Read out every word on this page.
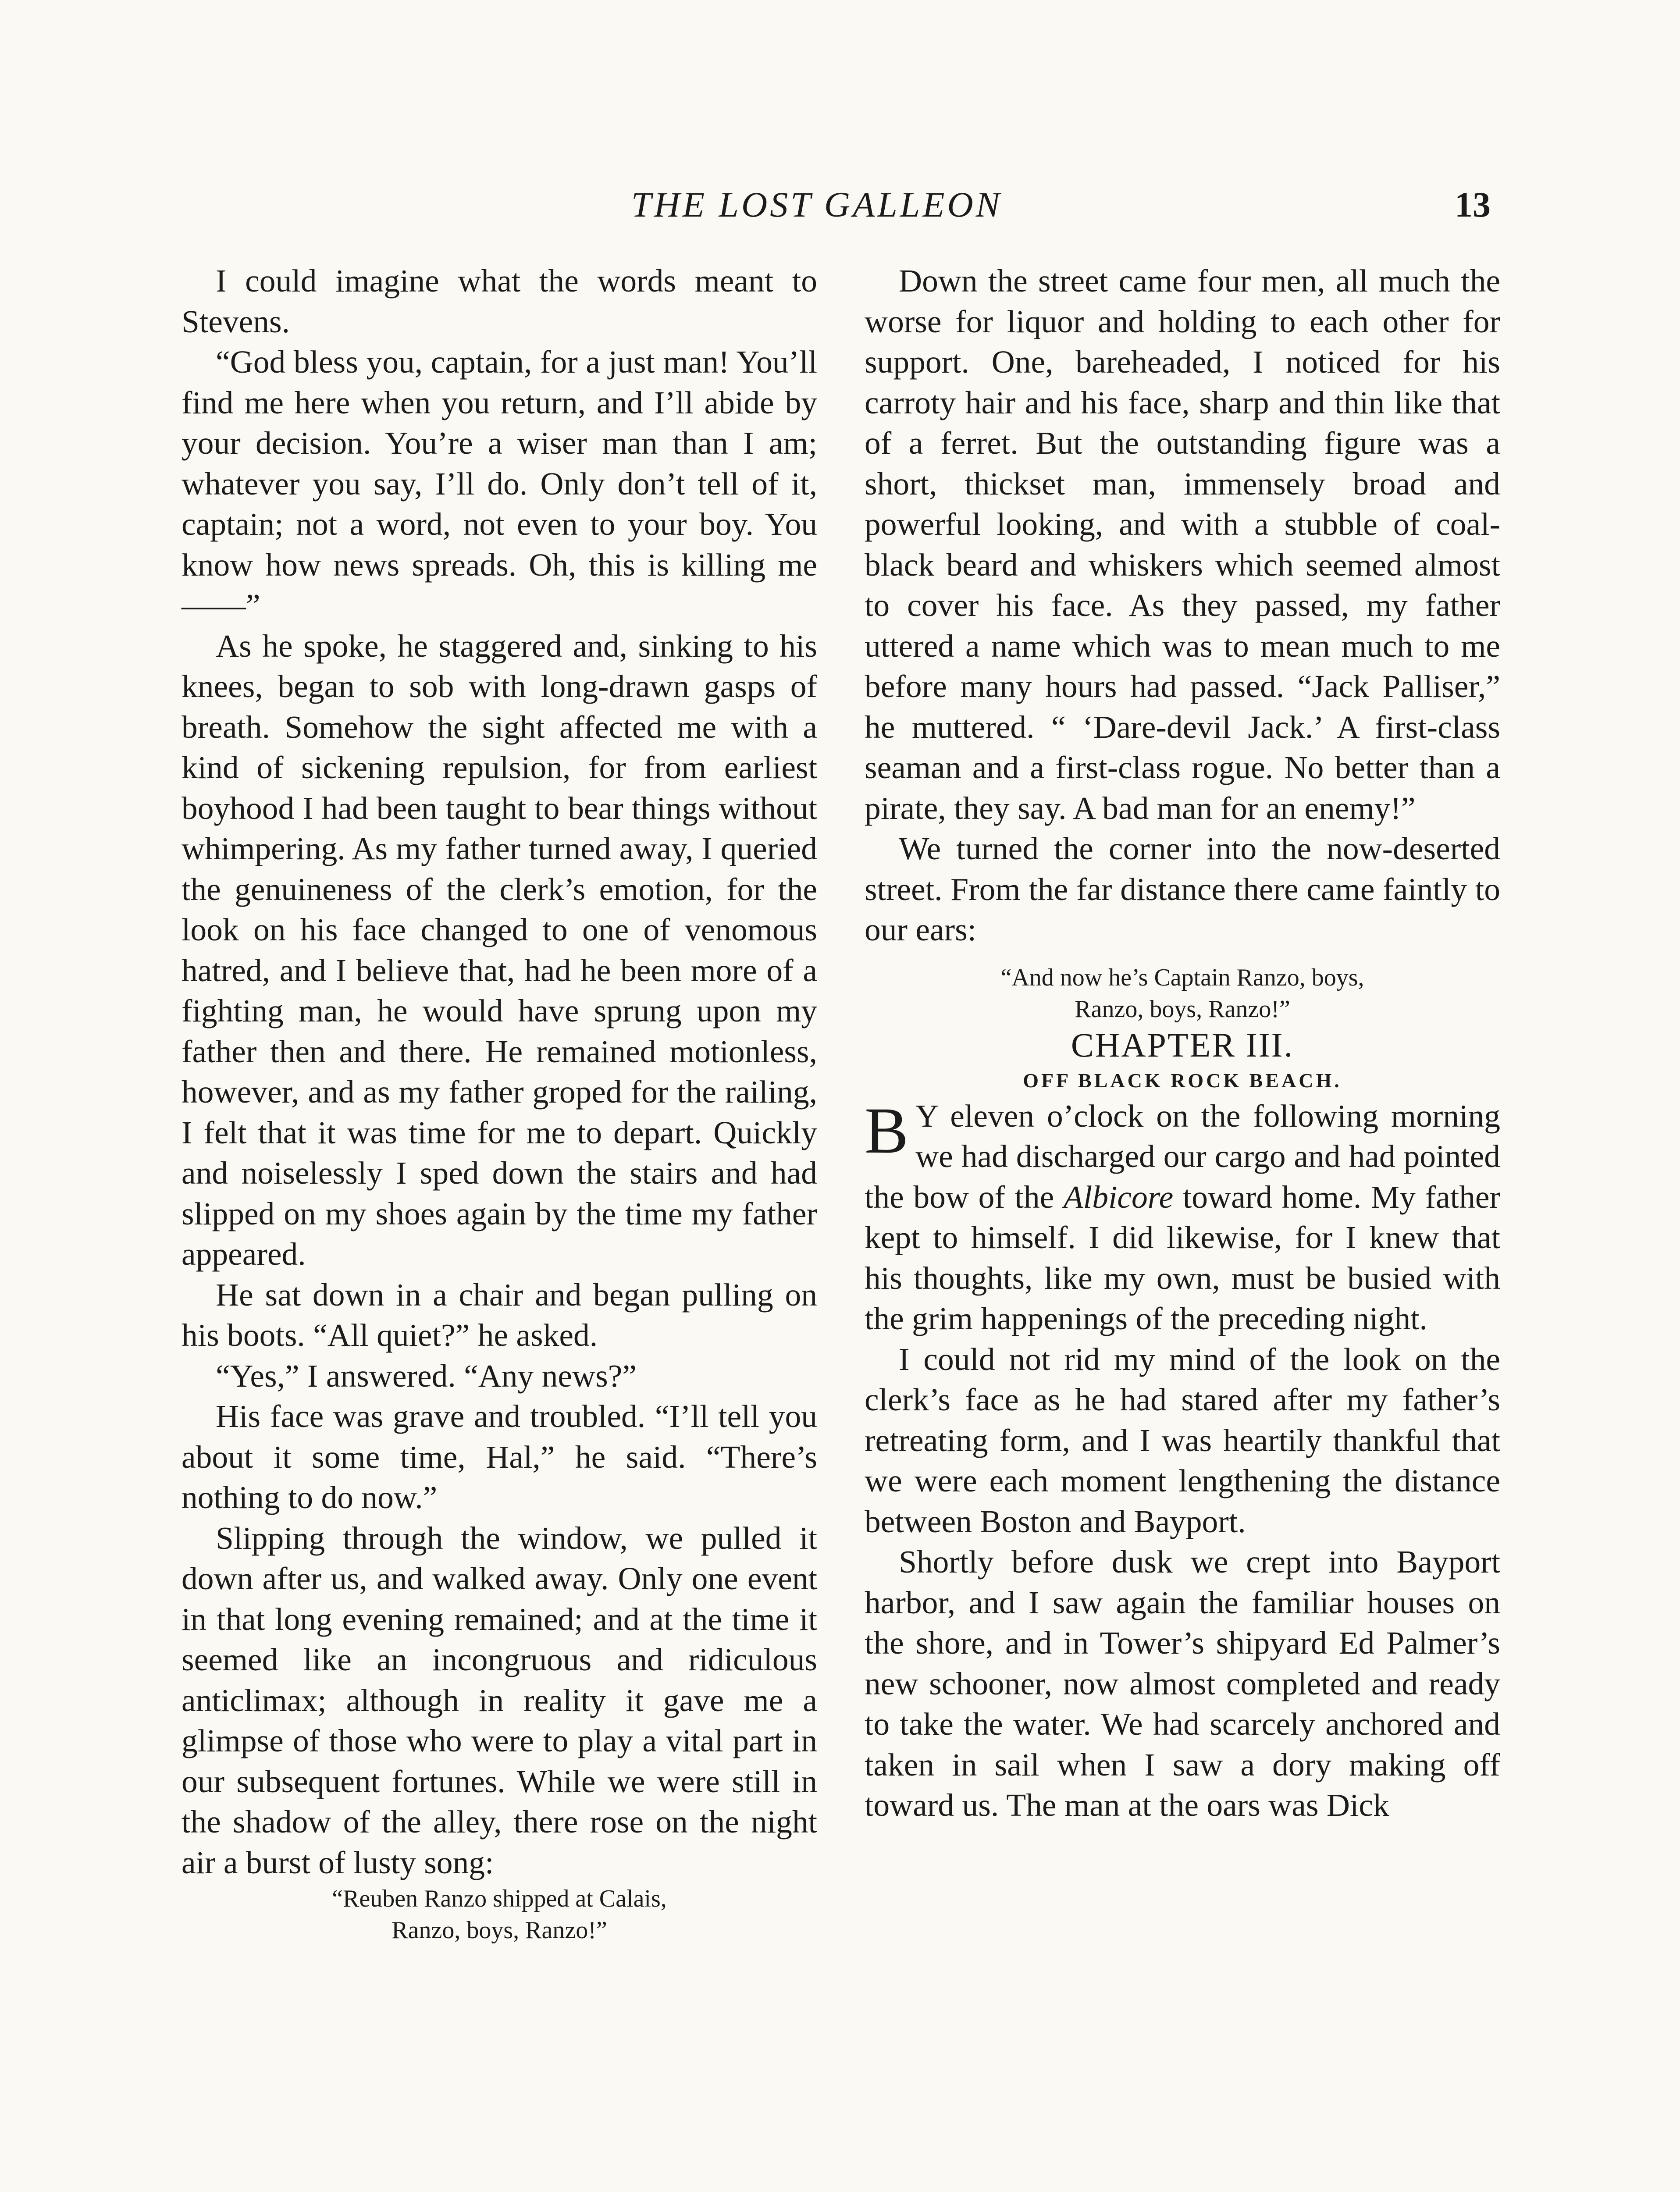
THE LOST GALLEON	13

I could imagine what the words meant to Stevens.

“God bless you, captain, for a just man! You’ll find me here when you return, and I’ll abide by your decision. You’re a wiser man than I am; whatever you say, I’ll do. Only don’t tell of it, captain; not a word, not even to your boy. You know how news spreads. Oh, this is killing me——”

As he spoke, he staggered and, sinking to his knees, began to sob with long-drawn gasps of breath. Somehow the sight affected me with a kind of sickening repulsion, for from earliest boyhood I had been taught to bear things without whimpering. As my father turned away, I queried the genuineness of the clerk’s emotion, for the look on his face changed to one of venomous hatred, and I believe that, had he been more of a fighting man, he would have sprung upon my father then and there. He remained motionless, however, and as my father groped for the railing, I felt that it was time for me to depart. Quickly and noiselessly I sped down the stairs and had slipped on my shoes again by the time my father appeared.

He sat down in a chair and began pulling on his boots. “All quiet?” he asked.

“Yes,” I answered. “Any news?”

His face was grave and troubled. “I’ll tell you about it some time, Hal,” he said. “There’s nothing to do now.”

Slipping through the window, we pulled it down after us, and walked away. Only one event in that long evening remained; and at the time it seemed like an incongruous and ridiculous anticlimax; although in reality it gave me a glimpse of those who were to play a vital part in our subsequent fortunes. While we were still in the shadow of the alley, there rose on the night air a burst of lusty song:

“Reuben Ranzo shipped at Calais,
Ranzo, boys, Ranzo!”

Down the street came four men, all much the worse for liquor and holding to each other for support. One, bareheaded, I noticed for his carroty hair and his face, sharp and thin like that of a ferret. But the outstanding figure was a short, thickset man, immensely broad and powerful looking, and with a stubble of coal-black beard and whiskers which seemed almost to cover his face. As they passed, my father uttered a name which was to mean much to me before many hours had passed. “Jack Palliser,” he muttered. “ ‘Dare-devil Jack.’ A first-class seaman and a first-class rogue. No better than a pirate, they say. A bad man for an enemy!”

We turned the corner into the now-deserted street. From the far distance there came faintly to our ears:

“And now he’s Captain Ranzo, boys,
Ranzo, boys, Ranzo!”

CHAPTER III.

OFF BLACK ROCK BEACH.

B Y eleven o’clock on the following morning we had discharged our cargo and had pointed the bow of the Albicore toward home. My father kept to himself. I did likewise, for I knew that his thoughts, like my own, must be busied with the grim happenings of the preceding night.

I could not rid my mind of the look on the clerk’s face as he had stared after my father’s retreating form, and I was heartily thankful that we were each moment lengthening the distance between Boston and Bayport.

Shortly before dusk we crept into Bayport harbor, and I saw again the familiar houses on the shore, and in Tower’s shipyard Ed Palmer’s new schooner, now almost completed and ready to take the water. We had scarcely anchored and taken in sail when I saw a dory making off toward us. The man at the oars was Dick
